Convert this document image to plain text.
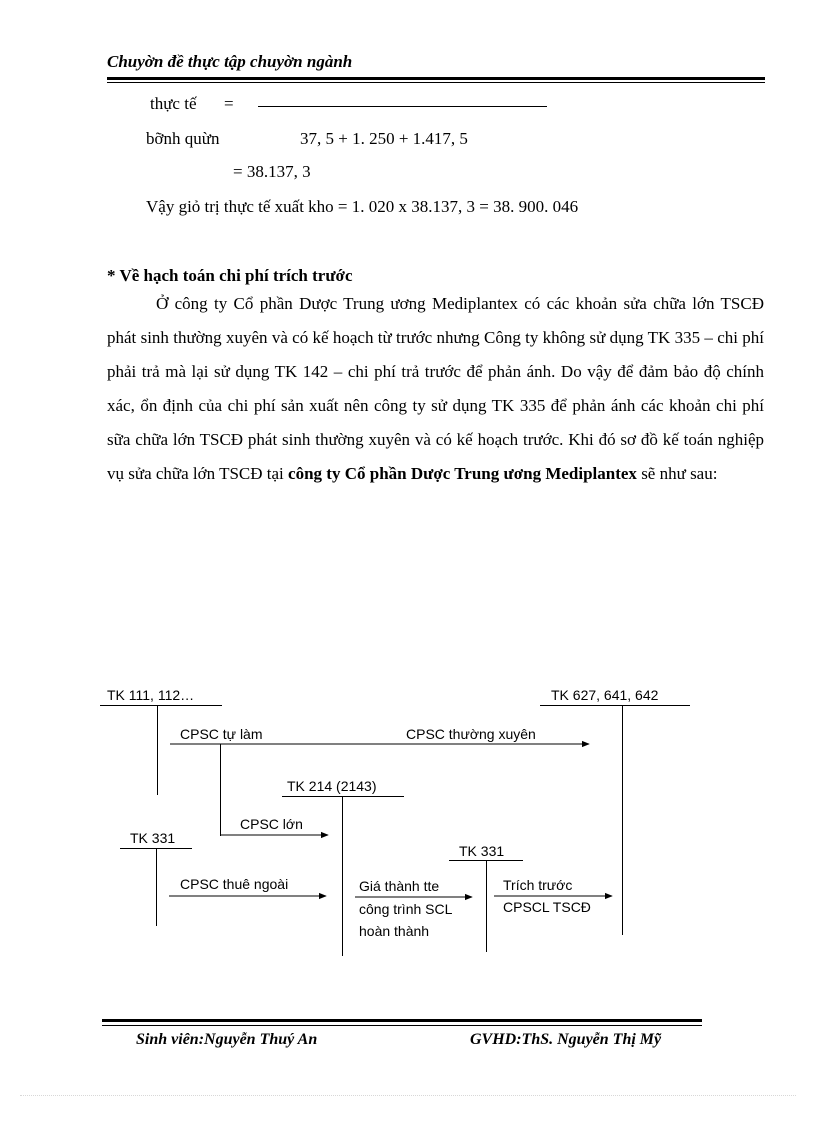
Chuyờn đề thực tập chuyờn ngành
thực tế =
bỡnh quừn	37, 5 + 1. 250 + 1.417, 5
= 38.137, 3
Vậy giỏ trị thực tế xuất kho = 1. 020 x 38.137, 3 = 38. 900. 046
* Về hạch toán chi phí trích trước
Ở công ty Cổ phần Dược Trung ương Mediplantex có các khoản sửa chữa lớn TSCĐ phát sinh thường xuyên và có kế hoạch từ trước nhưng Công ty không sử dụng TK 335 – chi phí phải trả mà lại sử dụng TK 142 – chi phí trả trước để phản ánh. Do vậy để đảm bảo độ chính xác, ổn định của chi phí sản xuất nên công ty sử dụng TK 335 để phản ánh các khoản chi phí sữa chữa lớn TSCĐ phát sinh thường xuyên và có kế hoạch trước. Khi đó sơ đồ kế toán nghiệp vụ sửa chữa lớn TSCĐ tại công ty Cổ phần Dược Trung ương Mediplantex sẽ như sau:
TK 111, 112…	TK 627, 641, 642
TK 214 (2143)
TK 331
TK 331
CPSC tự làm	CPSC thường xuyên
CPSC lớn
CPSC thuê ngoài	Giá thành tte
công trình SCL
hoàn thành
Trích trước
CPSCL TSCĐ
Sinh viên:Nguyễn Thuý An	GVHD:ThS. Nguyễn Thị Mỹ
